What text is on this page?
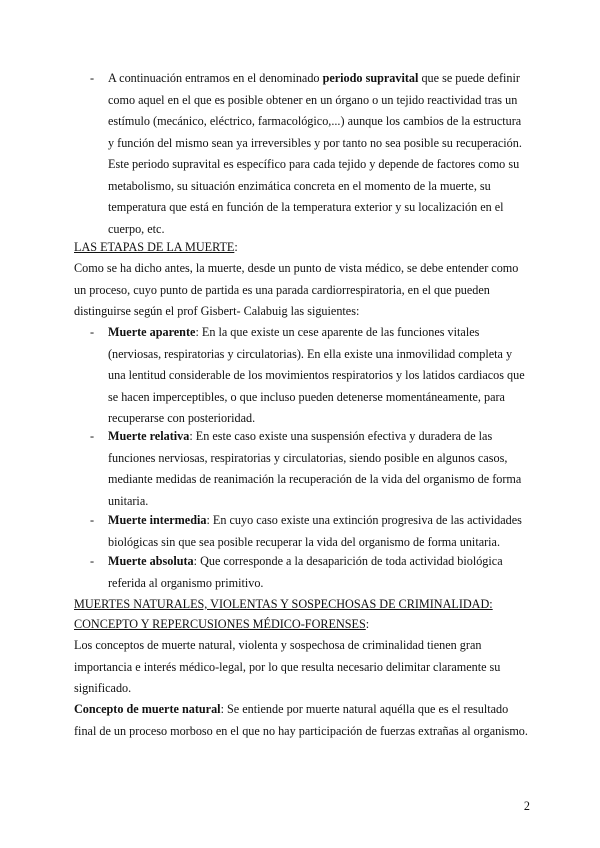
-	A continuación entramos en el denominado periodo supravital que se puede definir como aquel en el que es posible obtener en un órgano o un tejido reactividad tras un estímulo (mecánico, eléctrico, farmacológico,...) aunque los cambios de la estructura y función del mismo sean ya irreversibles y por tanto no sea posible su recuperación. Este periodo supravital es específico para cada tejido y depende de factores como su metabolismo, su situación enzimática concreta en el momento de la muerte, su temperatura que está en función de la temperatura exterior y su localización en el cuerpo, etc.
LAS ETAPAS DE LA MUERTE:
Como se ha dicho antes, la muerte, desde un punto de vista médico, se debe entender como un proceso, cuyo punto de partida es una parada cardiorrespiratoria, en el que pueden distinguirse según el prof Gisbert- Calabuig las siguientes:
-	Muerte aparente: En la que existe un cese aparente de las funciones vitales (nerviosas, respiratorias y circulatorias). En ella existe una inmovilidad completa y una lentitud considerable de los movimientos respiratorios y los latidos cardiacos que se hacen imperceptibles, o que incluso pueden detenerse momentáneamente, para recuperarse con posterioridad.
-	Muerte relativa: En este caso existe una suspensión efectiva y duradera de las funciones nerviosas, respiratorias y circulatorias, siendo posible en algunos casos, mediante medidas de reanimación la recuperación de la vida del organismo de forma unitaria.
-	Muerte intermedia: En cuyo caso existe una extinción progresiva de las actividades biológicas sin que sea posible recuperar la vida del organismo de forma unitaria.
-	Muerte absoluta: Que corresponde a la desaparición de toda actividad biológica referida al organismo primitivo.
MUERTES NATURALES, VIOLENTAS Y SOSPECHOSAS DE CRIMINALIDAD:
CONCEPTO Y REPERCUSIONES MÉDICO-FORENSES:
Los conceptos de muerte natural, violenta y sospechosa de criminalidad tienen gran importancia e interés médico-legal, por lo que resulta necesario delimitar claramente su significado.
Concepto de muerte natural: Se entiende por muerte natural aquélla que es el resultado final de un proceso morboso en el que no hay participación de fuerzas extrañas al organismo.
2
